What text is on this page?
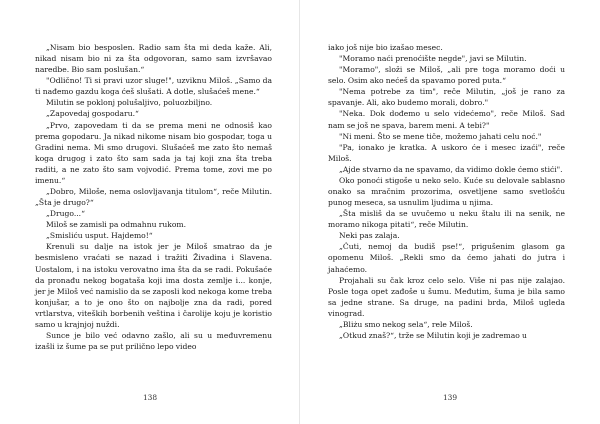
„Nisam bio besposlen. Radio sam šta mi deda kaže. Ali, nikad nisam bio ni za šta odgovoran, samo sam izvršavao naredbe. Bio sam poslušan.“

"Odlično! Ti si pravi uzor sluge!", uzviknu Miloš. „Samo da ti nađemo gazdu koga ćeš slušati. A dotle, slušaćeš mene.“

Milutin se poklonj polušaljivo, poluozbiljno.

„Zapovedaj gospodaru.“

„Prvo, zapovedam ti da se prema meni ne odnosiš kao prema gopodaru. Ja nikad nikome nisam bio gospodar, toga u Gradini nema. Mi smo drugovi. Slušaćeš me zato što nemaš koga drugog i zato što sam sada ja taj koji zna šta treba raditi, a ne zato što sam vojvodić. Prema tome, zovi me po imenu.“

„Dobro, Miloše, nema oslovljavanja titulom“, reče Milutin. „Šta je drugo?“

„Drugo...“

Miloš se zamisli pa odmahnu rukom.

„Smisliću usput. Hajdemo!“

Krenuli su dalje na istok jer je Miloš smatrao da je besmisleno vraćati se nazad i tražiti Živadina i Slavena. Uostalom, i na istoku verovatno ima šta da se radi. Pokušaće da pronađu nekog bogataša koji ima dosta zemlje i... konje, jer je Miloš već namislio da se zaposli kod nekoga kome treba konjušar, a to je ono što on najbolje zna da radi, pored vrtlarstva, viteških borbenih veština i čarolije koju je koristio samo u krajnjoj nuždi.

Sunce je bilo već odavno zašlo, ali su u međuvremenu izašli iz šume pa se put prilično lepo video

138

iako još nije bio izašao mesec.

"Moramo naći prenoćište negde", javi se Milutin.

"Moramo", složi se Miloš, „ali pre toga moramo doći u selo. Osim ako nećeš da spavamo pored puta.“

"Nema potrebe za tim", reče Milutin, „još je rano za spavanje. Ali, ako budemo morali, dobro."

"Neka. Dok dođemo u selo videćemo", reče Miloš. Sad nam se još ne spava, barem meni. A tebi?"

"Ni meni. Što se mene tiče, možemo jahati celu noć."

"Pa, ionako je kratka. A uskoro će i mesec izaći", reče Miloš.

„Ajde stvarno da ne spavamo, da vidimo dokle ćemo stići".

Oko ponoći stigoše u neko selo. Kuće su delovale sablasno onako sa mračnim prozorima, osvetljene samo svetlošću punog meseca, sa usnulim ljudima u njima.

„Šta misliš da se uvučemo u neku štalu ili na senik, ne moramo nikoga pitati“, reče Milutin.

Neki pas zalaja.

„Ćuti, nemoj da budiš pse!“, prigušenim glasom ga opomenu Miloš. „Rekli smo da ćemo jahati do jutra i jahaćemo.

Projahali su čak kroz celo selo. Više ni pas nije zalajao. Posle toga opet zađoše u šumu. Međutim, šuma je bila samo sa jedne strane. Sa druge, na padini brda, Miloš ugleda vinograd.

„Bliżu smo nekog sela“, rele Miloš.

„Otkud znaš?“, trže se Milutin koji je zadremao u

139
